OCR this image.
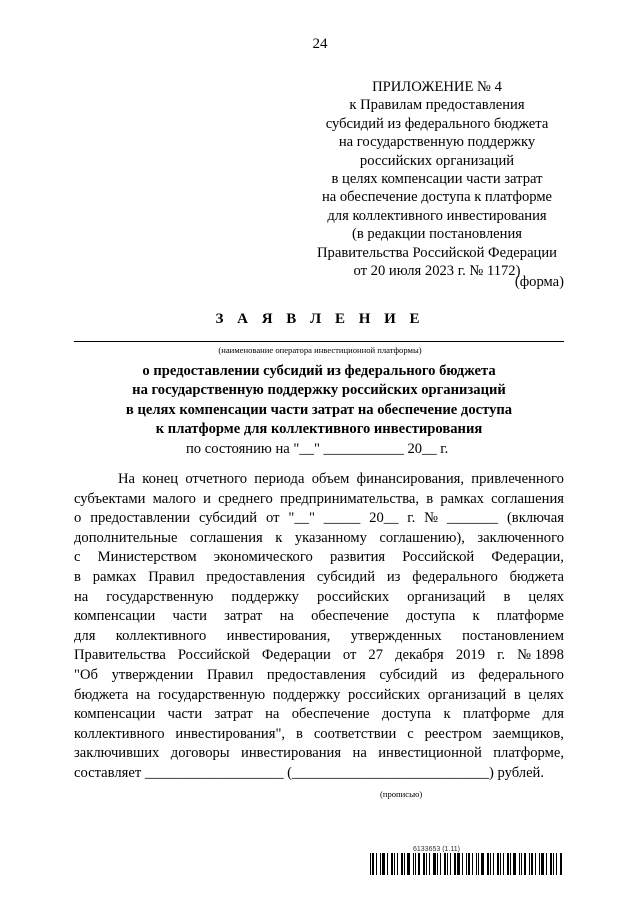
24
ПРИЛОЖЕНИЕ № 4
к Правилам предоставления
субсидий из федерального бюджета
на государственную поддержку
российских организаций
в целях компенсации части затрат
на обеспечение доступа к платформе
для коллективного инвестирования
(в редакции постановления
Правительства Российской Федерации
от 20 июля 2023 г. № 1172)
(форма)
З А Я В Л Е Н И Е
(наименование оператора инвестиционной платформы)
о предоставлении субсидий из федерального бюджета
на государственную поддержку российских организаций
в целях компенсации части затрат на обеспечение доступа
к платформе для коллективного инвестирования
по состоянию на "__" ___________ 20__ г.
На конец отчетного периода объем финансирования, привлеченного
субъектами малого и среднего предпринимательства, в рамках соглашения
о предоставлении субсидий от "__" _____ 20__ г. № _______ (включая
дополнительные соглашения к указанному соглашению), заключенного
с Министерством экономического развития Российской Федерации,
в рамках Правил предоставления субсидий из федерального бюджета
на государственную поддержку российских организаций в целях
компенсации части затрат на обеспечение доступа к платформе
для коллективного инвестирования, утвержденных постановлением
Правительства Российской Федерации от 27 декабря 2019 г. № 1898
"Об утверждении Правил предоставления субсидий из федерального
бюджета на государственную поддержку российских организаций в целях
компенсации части затрат на обеспечение доступа к платформе для
коллективного инвестирования", в соответствии с реестром заемщиков,
заключивших договоры инвестирования на инвестиционной платформе,
составляет ___________________ (___________________________) рублей.
(прописью)
6133653 (1.11)
